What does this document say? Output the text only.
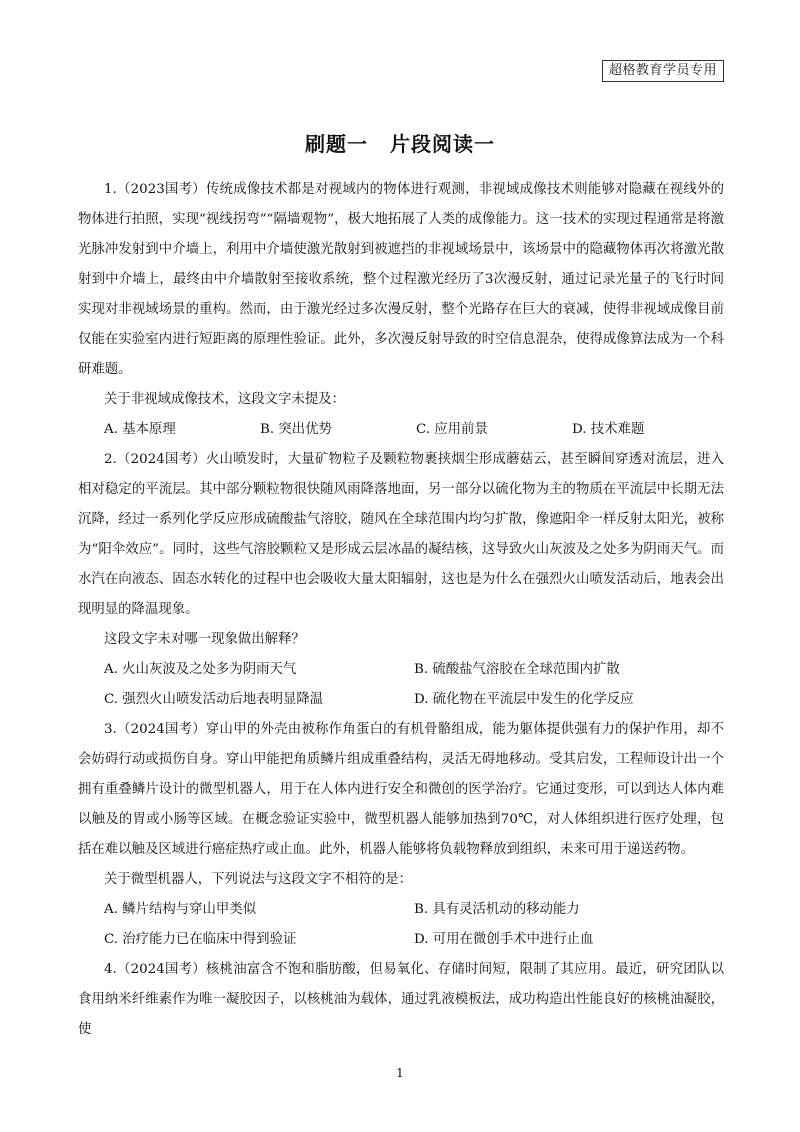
超格教育学员专用
刷题一 片段阅读一

1.（2023国考）传统成像技术都是对视域内的物体进行观测，非视域成像技术则能够对隐藏在视线外的物体进行拍照，实现“视线拐弯”“隔墙观物”，极大地拓展了人类的成像能力。这一技术的实现过程通常是将激光脉冲发射到中介墙上，利用中介墙使激光散射到被遮挡的非视域场景中，该场景中的隐藏物体再次将激光散射到中介墙上，最终由中介墙散射至接收系统，整个过程激光经历了3次漫反射，通过记录光量子的飞行时间实现对非视域场景的重构。然而，由于激光经过多次漫反射，整个光路存在巨大的衰减，使得非视域成像目前仅能在实验室内进行短距离的原理性验证。此外，多次漫反射导致的时空信息混杂，使得成像算法成为一个科研难题。

关于非视域成像技术，这段文字未提及：

A. 基本原理	B. 突出优势	C. 应用前景	D. 技术难题

2.（2024国考）火山喷发时，大量矿物粒子及颗粒物裹挟烟尘形成蘑菇云，甚至瞬间穿透对流层，进入相对稳定的平流层。其中部分颗粒物很快随风雨降落地面，另一部分以硫化物为主的物质在平流层中长期无法沉降，经过一系列化学反应形成硫酸盐气溶胶，随风在全球范围内均匀扩散，像遮阳伞一样反射太阳光，被称为“阳伞效应”。同时，这些气溶胶颗粒又是形成云层冰晶的凝结核，这导致火山灰波及之处多为阴雨天气。而水汽在向液态、固态水转化的过程中也会吸收大量太阳辐射，这也是为什么在强烈火山喷发活动后，地表会出现明显的降温现象。

这段文字未对哪一现象做出解释？

A. 火山灰波及之处多为阴雨天气	B. 硫酸盐气溶胶在全球范围内扩散

C. 强烈火山喷发活动后地表明显降温	D. 硫化物在平流层中发生的化学反应

3.（2024国考）穿山甲的外壳由被称作角蛋白的有机骨骼组成，能为躯体提供强有力的保护作用，却不会妨碍行动或损伤自身。穿山甲能把角质鳞片组成重叠结构，灵活无碍地移动。受其启发，工程师设计出一个拥有重叠鳞片设计的微型机器人，用于在人体内进行安全和微创的医学治疗。它通过变形，可以到达人体内难以触及的胃或小肠等区域。在概念验证实验中，微型机器人能够加热到70℃，对人体组织进行医疗处理，包括在难以触及区域进行癌症热疗或止血。此外，机器人能够将负载物释放到组织，未来可用于递送药物。

关于微型机器人，下列说法与这段文字不相符的是：

A. 鳞片结构与穿山甲类似	B. 具有灵活机动的移动能力

C. 治疗能力已在临床中得到验证	D. 可用在微创手术中进行止血

4.（2024国考）核桃油富含不饱和脂肪酸，但易氧化、存储时间短，限制了其应用。最近，研究团队以食用纳米纤维素作为唯一凝胶因子，以核桃油为载体，通过乳液模板法，成功构造出性能良好的核桃油凝胶，使

1
